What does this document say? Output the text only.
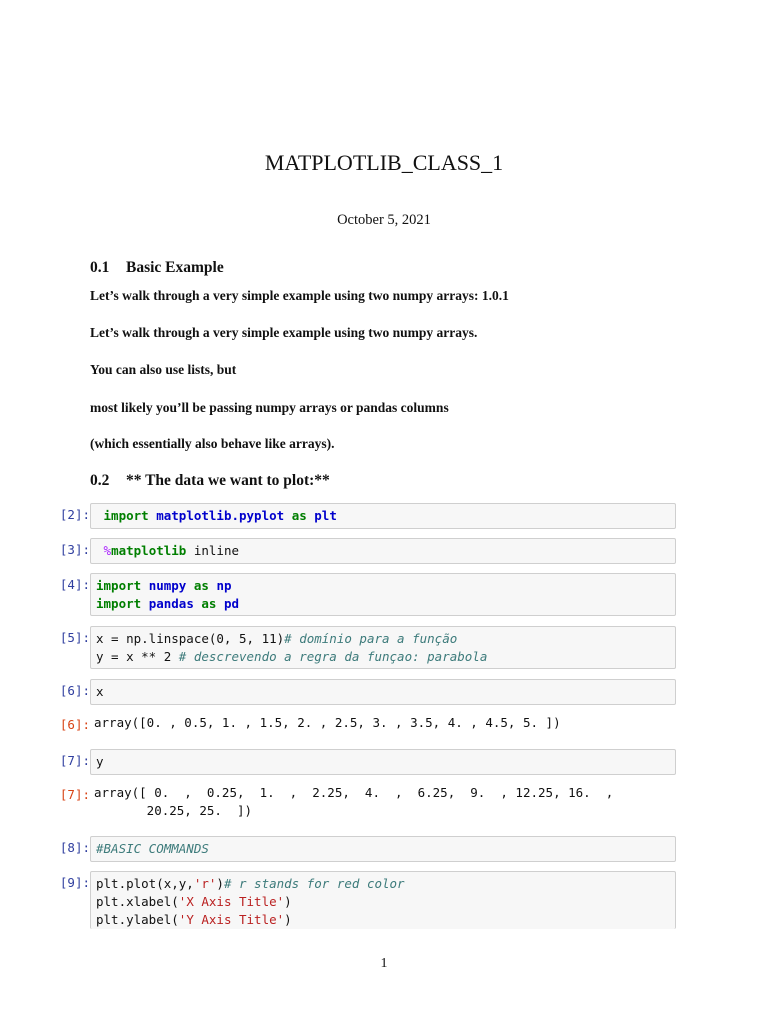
MATPLOTLIB_CLASS_1
October 5, 2021
0.1 Basic Example
Let’s walk through a very simple example using two numpy arrays: 1.0.1
Let’s walk through a very simple example using two numpy arrays.
You can also use lists, but
most likely you’ll be passing numpy arrays or pandas columns
(which essentially also behave like arrays).
0.2 ** The data we want to plot:**
[2]:	import matplotlib.pyplot as plt
[3]:	%matplotlib inline
[4]: import numpy as np
import pandas as pd
[5]: x = np.linspace(0, 5, 11)# domínio para a função
y = x ** 2 # descrevendo a regra da funçao: parabola
[6]: x
[6]: array([0. , 0.5, 1. , 1.5, 2. , 2.5, 3. , 3.5, 4. , 4.5, 5. ])
[7]: y
[7]: array([ 0.  ,  0.25,  1.  ,  2.25,  4.  ,  6.25,  9.  , 12.25, 16.  ,
20.25, 25.  ])
[8]: #BASIC COMMANDS
[9]: plt.plot(x,y,'r')# r stands for red color
plt.xlabel('X Axis Title')
plt.ylabel('Y Axis Title')
1
